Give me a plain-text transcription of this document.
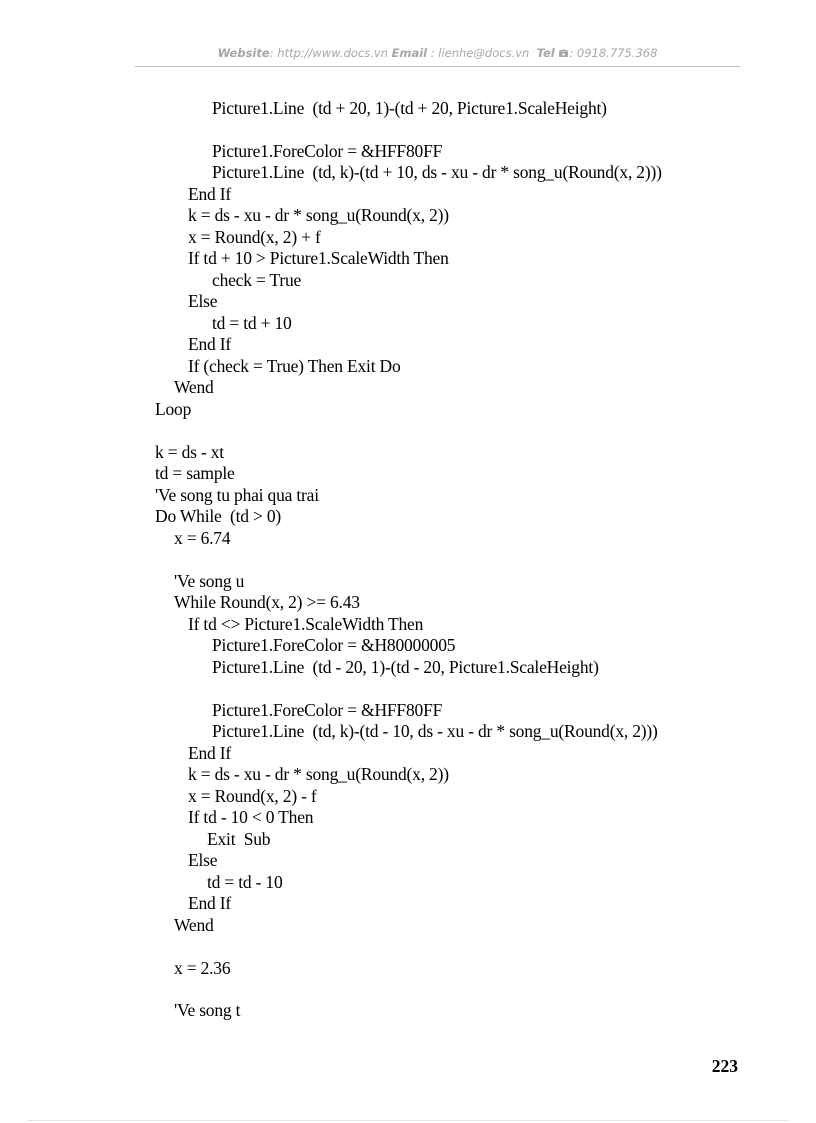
Website: http://www.docs.vn Email : lienhe@docs.vn Tel : 0918.775.368
Picture1.Line  (td + 20, 1)-(td + 20, Picture1.ScaleHeight)
Picture1.ForeColor = &HFF80FF
Picture1.Line  (td, k)-(td + 10, ds - xu - dr * song_u(Round(x, 2)))
End If
k = ds - xu - dr * song_u(Round(x, 2))
x = Round(x, 2) + f
If td + 10 > Picture1.ScaleWidth Then
check = True
Else
td = td + 10
End If
If (check = True) Then Exit Do
Wend
Loop
k = ds - xt
td = sample
'Ve song tu phai qua trai
Do While  (td > 0)
x = 6.74
'Ve song u
While Round(x, 2) >= 6.43
If td <> Picture1.ScaleWidth Then
Picture1.ForeColor = &H80000005
Picture1.Line  (td - 20, 1)-(td - 20, Picture1.ScaleHeight)
Picture1.ForeColor = &HFF80FF
Picture1.Line  (td, k)-(td - 10, ds - xu - dr * song_u(Round(x, 2)))
End If
k = ds - xu - dr * song_u(Round(x, 2))
x = Round(x, 2) - f
If td - 10 < 0 Then
Exit  Sub
Else
td = td - 10
End If
Wend
x = 2.36
'Ve song t
223
